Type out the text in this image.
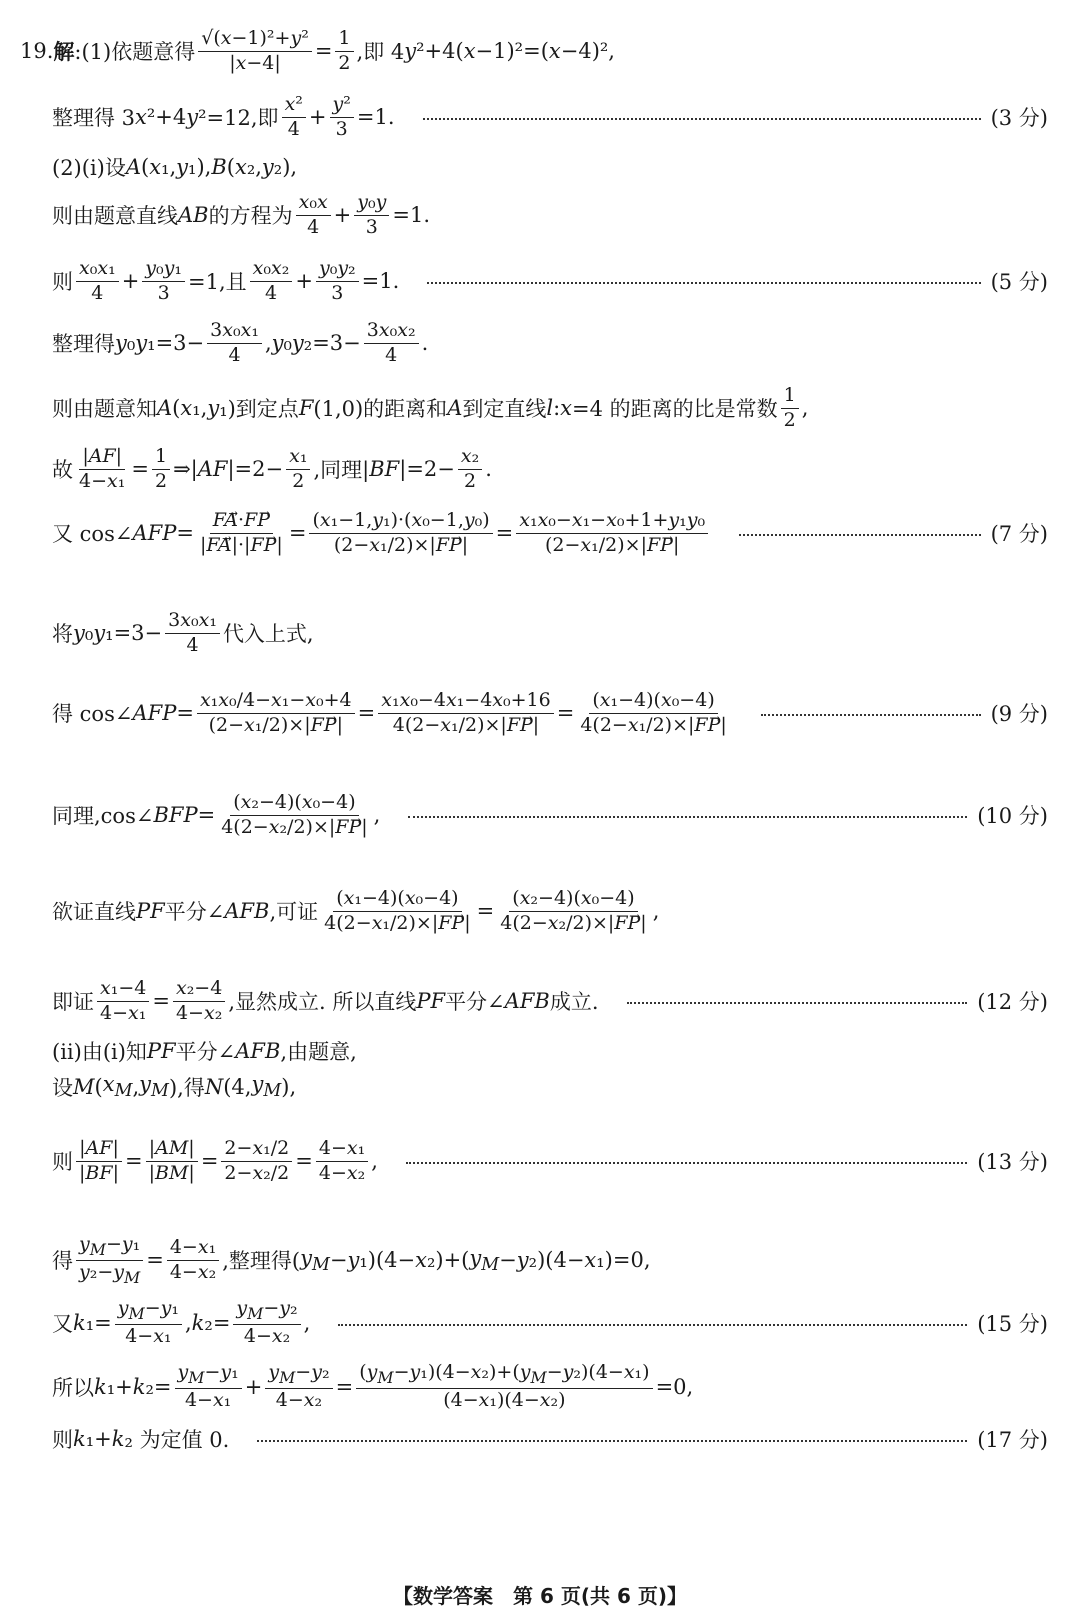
19. 解 :(1)依题意得 $\frac{\text{√(x−1)²+y²}}{|x-4|} = \frac{1}{2}$ ,即 4 y ²+4( x −1)²=( x −4)²,
整理得 3 x ²+4 y ²=12,即 $\frac{\text{x²}}{4} + \frac{\text{y²}}{3} =1$.	(3 分)
(2)(ⅰ)设 A ( x ₁, y ₁), B ( x ₂, y ₂),
则由题意直线 AB 的方程为 $\frac{\text{x₀x}}{4} + \frac{\text{y₀y}}{3} =1$.
则 $\frac{\text{x₀x₁}}{4} + \frac{\text{y₀y₁}}{3} =1$,且 $\frac{\text{x₀x₂}}{4} + \frac{\text{y₀y₂}}{3} =1$.	(5 分)
整理得 y ₀ y $_1=3- \frac{\text{3x₀x₁}}{4}$ , y ₀ y $_2=3- \frac{\text{3x₀x₂}}{4}$ .
则由题意知 A ( x ₁, y ₁)到定点 F (1,0)的距离和 A 到定直线 l : x =4 的距离的比是常数 $\frac{1}{2}$ ,
故 $\frac{|AF|}{\text{4−x₁}} = \frac{1}{2}$ ⇒| AF $|=2- \frac{\text{x₁}}{2}$ ,同理| BF $|=2- \frac{\text{x₂}}{2}$ .
又 cos∠ AFP = $\frac{FA⃗\cdot FP}{|FA⃗|\cdot|FP⃗|} = \frac{\text{(x₁−1,y₁)·(x₀−1,y₀)}}{\text{(2−x₁/2)×|FP⃗|}} = \frac{\text{x₁x₀−x₁−x₀+1+y₁y₀}}{\text{(2−x₁/2)×|FP⃗|}}$	(7 分)
将 y ₀ y $_1=3- \frac{\text{3x₀x₁}}{4}$ 代入上式,
得 cos∠ AFP = $\frac{\text{x₁x₀/4−x₁−x₀+4}}{\text{(2−x₁/2)×|FP⃗|}} = \frac{\text{x₁x₀−4x₁−4x₀+16}}{\text{4(2−x₁/2)×|FP⃗|}} = \frac{\text{(x₁−4)(x₀−4)}}{\text{4(2−x₁/2)×|FP⃗|}}$	(9 分)
同理,cos∠ BFP = $\frac{\text{(x₂−4)(x₀−4)}}{\text{4(2−x₂/2)×|FP⃗|}}$ ,	(10 分)
欲证直线 PF 平分∠ AFB ,可证 $\frac{\text{(x₁−4)(x₀−4)}}{\text{4(2−x₁/2)×|FP⃗|}} = \frac{\text{(x₂−4)(x₀−4)}}{\text{4(2−x₂/2)×|FP⃗|}}$ ,
即证 $\frac{\text{x₁−4}}{\text{4−x₁}} = \frac{\text{x₂−4}}{\text{4−x₂}}$ ,显然成立. 所以直线 PF 平分∠ AFB 成立.	(12 分)
(ⅱ)由(ⅰ)知 PF 平分∠ AFB ,由题意,
设 M ( $x_M$ , $y_M$ ),得 N (4, $y_M$ ),
则 $\frac{|AF|}{|BF|} = \frac{|AM|}{|BM|} = \frac{\text{2−x₁/2}}{\text{2−x₂/2}} = \frac{\text{4−x₁}}{\text{4−x₂}}$ ,	(13 分)
得 $\frac{y_M-y_1}{y_2-y_M} = \frac{\text{4−x₁}}{\text{4−x₂}}$ ,整理得( $y_M - y$ ₁)(4− x ₂)+( $y_M - y$ ₂)(4− x ₁)=0,
又 k $_1= \frac{y_M-y_1}{\text{4−x₁}}$ , k $_2= \frac{y_M-y_2}{\text{4−x₂}}$ ,	(15 分)
所以 k ₁+ k $_2= \frac{y_M-y_1}{\text{4−x₁}} + \frac{y_M-y_2}{\text{4−x₂}} = \frac{(y_M-y_1)(4-x_2)+(y_M-y_2)(4-x_1)}{\text{(4−x₁)(4−x₂)}} =0$,
则 k ₁+ k ₂ 为定值 0.	(17 分)
【数学答案　第 6 页(共 6 页)】
